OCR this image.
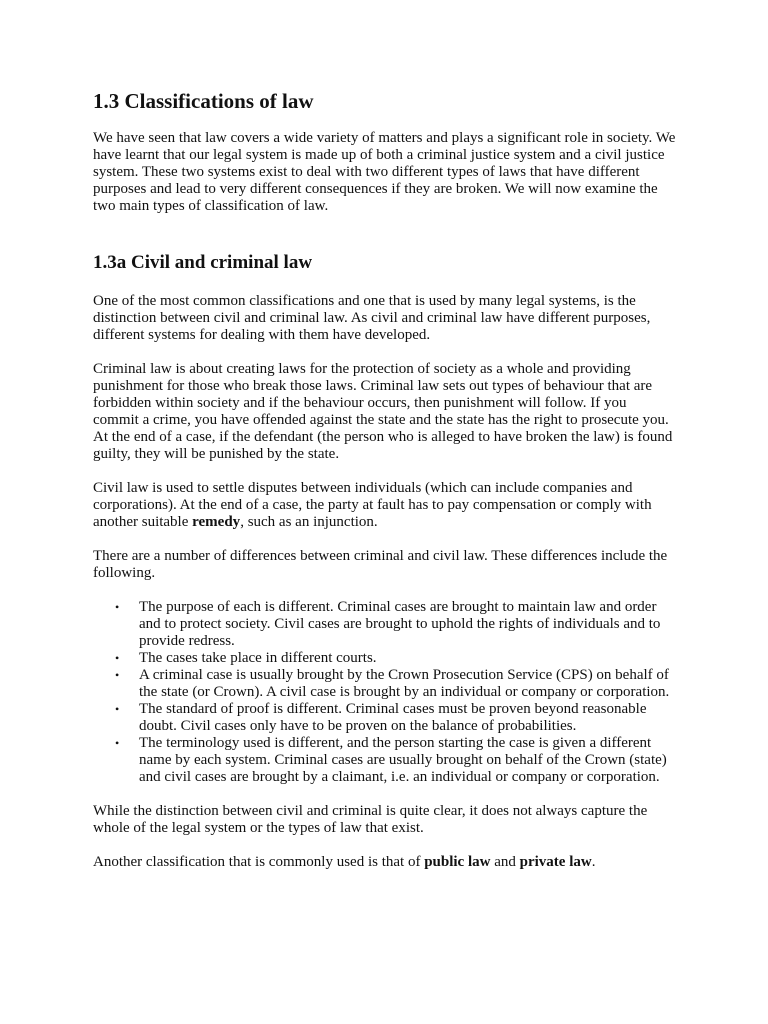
1.3 Classifications of law

We have seen that law covers a wide variety of matters and plays a significant role in society. We have learnt that our legal system is made up of both a criminal justice system and a civil justice system. These two systems exist to deal with two different types of laws that have different purposes and lead to very different consequences if they are broken. We will now examine the two main types of classification of law.

1.3a Civil and criminal law

One of the most common classifications and one that is used by many legal systems, is the distinction between civil and criminal law. As civil and criminal law have different purposes, different systems for dealing with them have developed.

Criminal law is about creating laws for the protection of society as a whole and providing punishment for those who break those laws. Criminal law sets out types of behaviour that are forbidden within society and if the behaviour occurs, then punishment will follow. If you commit a crime, you have offended against the state and the state has the right to prosecute you. At the end of a case, if the defendant (the person who is alleged to have broken the law) is found guilty, they will be punished by the state.

Civil law is used to settle disputes between individuals (which can include companies and corporations). At the end of a case, the party at fault has to pay compensation or comply with another suitable remedy, such as an injunction.

There are a number of differences between criminal and civil law. These differences include the following.

• The purpose of each is different. Criminal cases are brought to maintain law and order and to protect society. Civil cases are brought to uphold the rights of individuals and to provide redress.
• The cases take place in different courts.
• A criminal case is usually brought by the Crown Prosecution Service (CPS) on behalf of the state (or Crown). A civil case is brought by an individual or company or corporation.
• The standard of proof is different. Criminal cases must be proven beyond reasonable doubt. Civil cases only have to be proven on the balance of probabilities.
• The terminology used is different, and the person starting the case is given a different name by each system. Criminal cases are usually brought on behalf of the Crown (state) and civil cases are brought by a claimant, i.e. an individual or company or corporation.

While the distinction between civil and criminal is quite clear, it does not always capture the whole of the legal system or the types of law that exist.

Another classification that is commonly used is that of public law and private law.
